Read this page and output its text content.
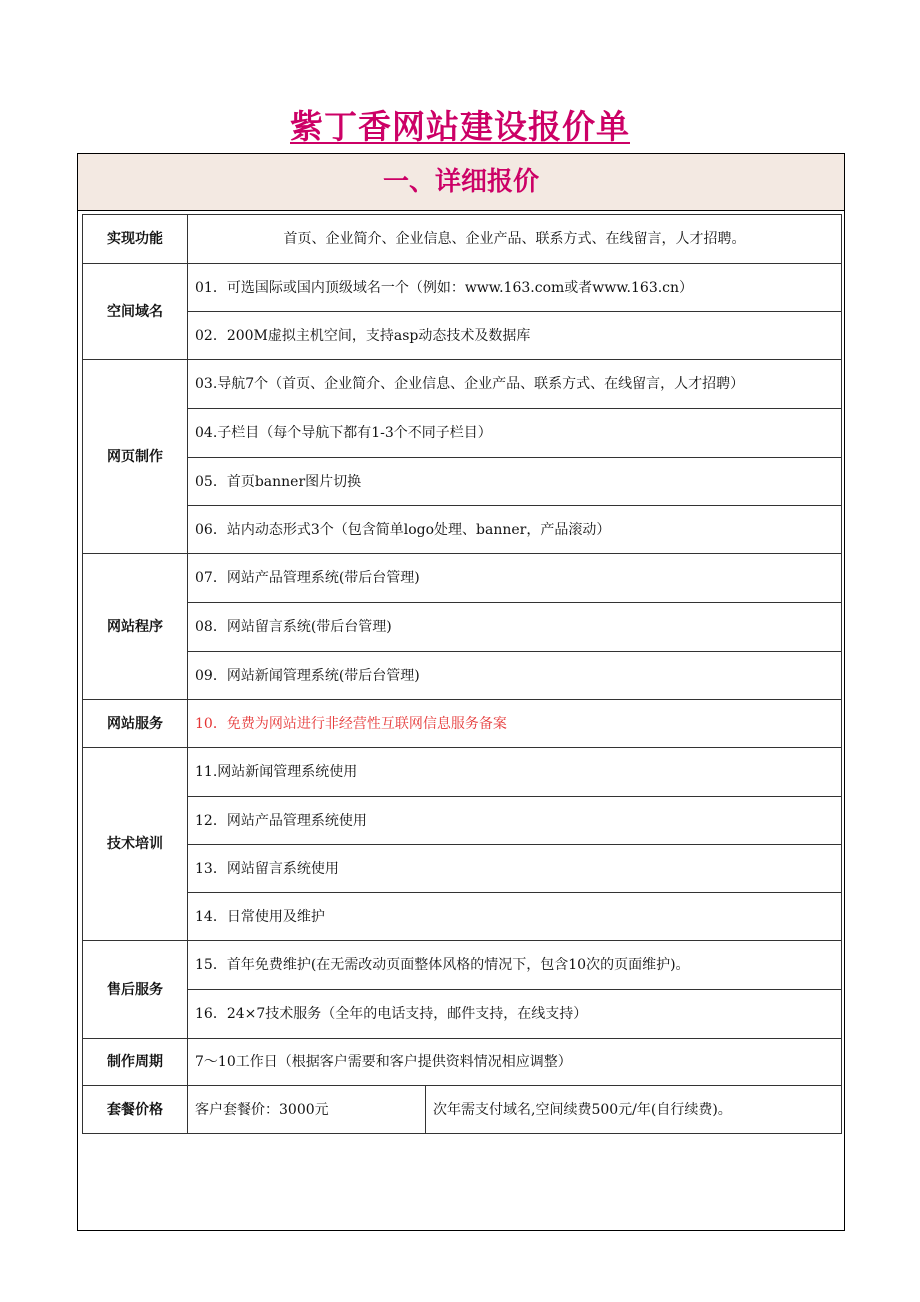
紫丁香网站建设报价单
一、详细报价
实现功能	首页、企业简介、企业信息、企业产品、联系方式、在线留言，人才招聘。	
空间域名	01．可选国际或国内顶级域名一个（例如：www.163.com或者www.163.cn）	
	02．200M虚拟主机空间，支持asp动态技术及数据库	
网页制作	03.导航7个（首页、企业简介、企业信息、企业产品、联系方式、在线留言，人才招聘）	
	04.子栏目（每个导航下都有1-3个不同子栏目）	
	05．首页banner图片切换	
	06．站内动态形式3个（包含简单logo处理、banner，产品滚动）	
网站程序	07．网站产品管理系统(带后台管理)	
	08．网站留言系统(带后台管理)	
	09．网站新闻管理系统(带后台管理)	
网站服务	10．免费为网站进行非经营性互联网信息服务备案	
技术培训	11.网站新闻管理系统使用	
	12．网站产品管理系统使用	
	13．网站留言系统使用	
	14．日常使用及维护	
售后服务	15．首年免费维护(在无需改动页面整体风格的情况下，包含10次的页面维护)。	
	16．24×7技术服务（全年的电话支持，邮件支持，在线支持）	
制作周期	7～10工作日（根据客户需要和客户提供资料情况相应调整）	
套餐价格	客户套餐价：3000元	次年需支付域名,空间续费500元/年(自行续费)。
